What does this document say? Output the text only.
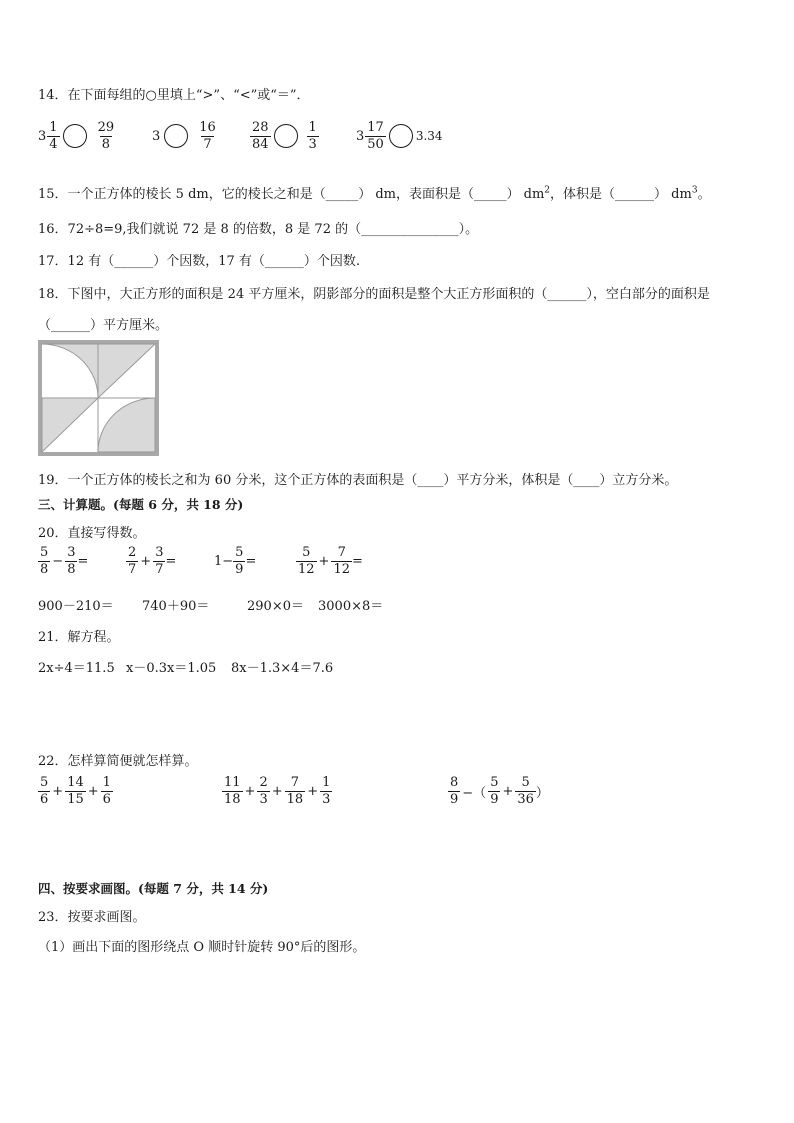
14．在下面每组的○里填上“>”、“<”或“＝”．
$3 \frac{1}{4}$	$\frac{29}{8}$	3	$\frac{16}{7} \frac{28}{84}$	$\frac{1}{3}$	$3 \frac{17}{50}$	3.34
15．一个正方体的棱长 5 dm，它的棱长之和是（_____） dm，表面积是（_____） $dm^2$，体积是（______） $dm^3$。
16．72÷8=9,我们就说 72 是 8 的倍数，8 是 72 的（_______________）。
17．12 有（______）个因数，17 有（______）个因数.
18．下图中，大正方形的面积是 24 平方厘米，阴影部分的面积是整个大正方形面积的（______），空白部分的面积是
（______）平方厘米。
19．一个正方体的棱长之和为 60 分米，这个正方体的表面积是（____）平方分米，体积是（____）立方分米。
三、计算题。(每题 6 分，共 18 分)
20．直接写得数。
$\frac{5}{8} - \frac{3}{8}$ =	$\frac{2}{7} + \frac{3}{7}$ =	$1- \frac{5}{9}$ =	$\frac{5}{12} + \frac{7}{12}$ =
900－210＝ 740＋90＝	290×0＝ 3000×8＝
21．解方程。
2x÷4＝11.5 x－0.3x＝1.05 8x－1.3×4＝7.6
22．怎样算简便就怎样算。
$\frac{5}{6} + \frac{14}{15} + \frac{1}{6}$	$\frac{11}{18} + \frac{2}{3} + \frac{7}{18} + \frac{1}{3}$	$\frac{8}{9}$ −（ $\frac{5}{9} + \frac{5}{36}$ ）
四、按要求画图。(每题 7 分，共 14 分)
23．按要求画图。
（1）画出下面的图形绕点 O 顺时针旋转 90°后的图形。
